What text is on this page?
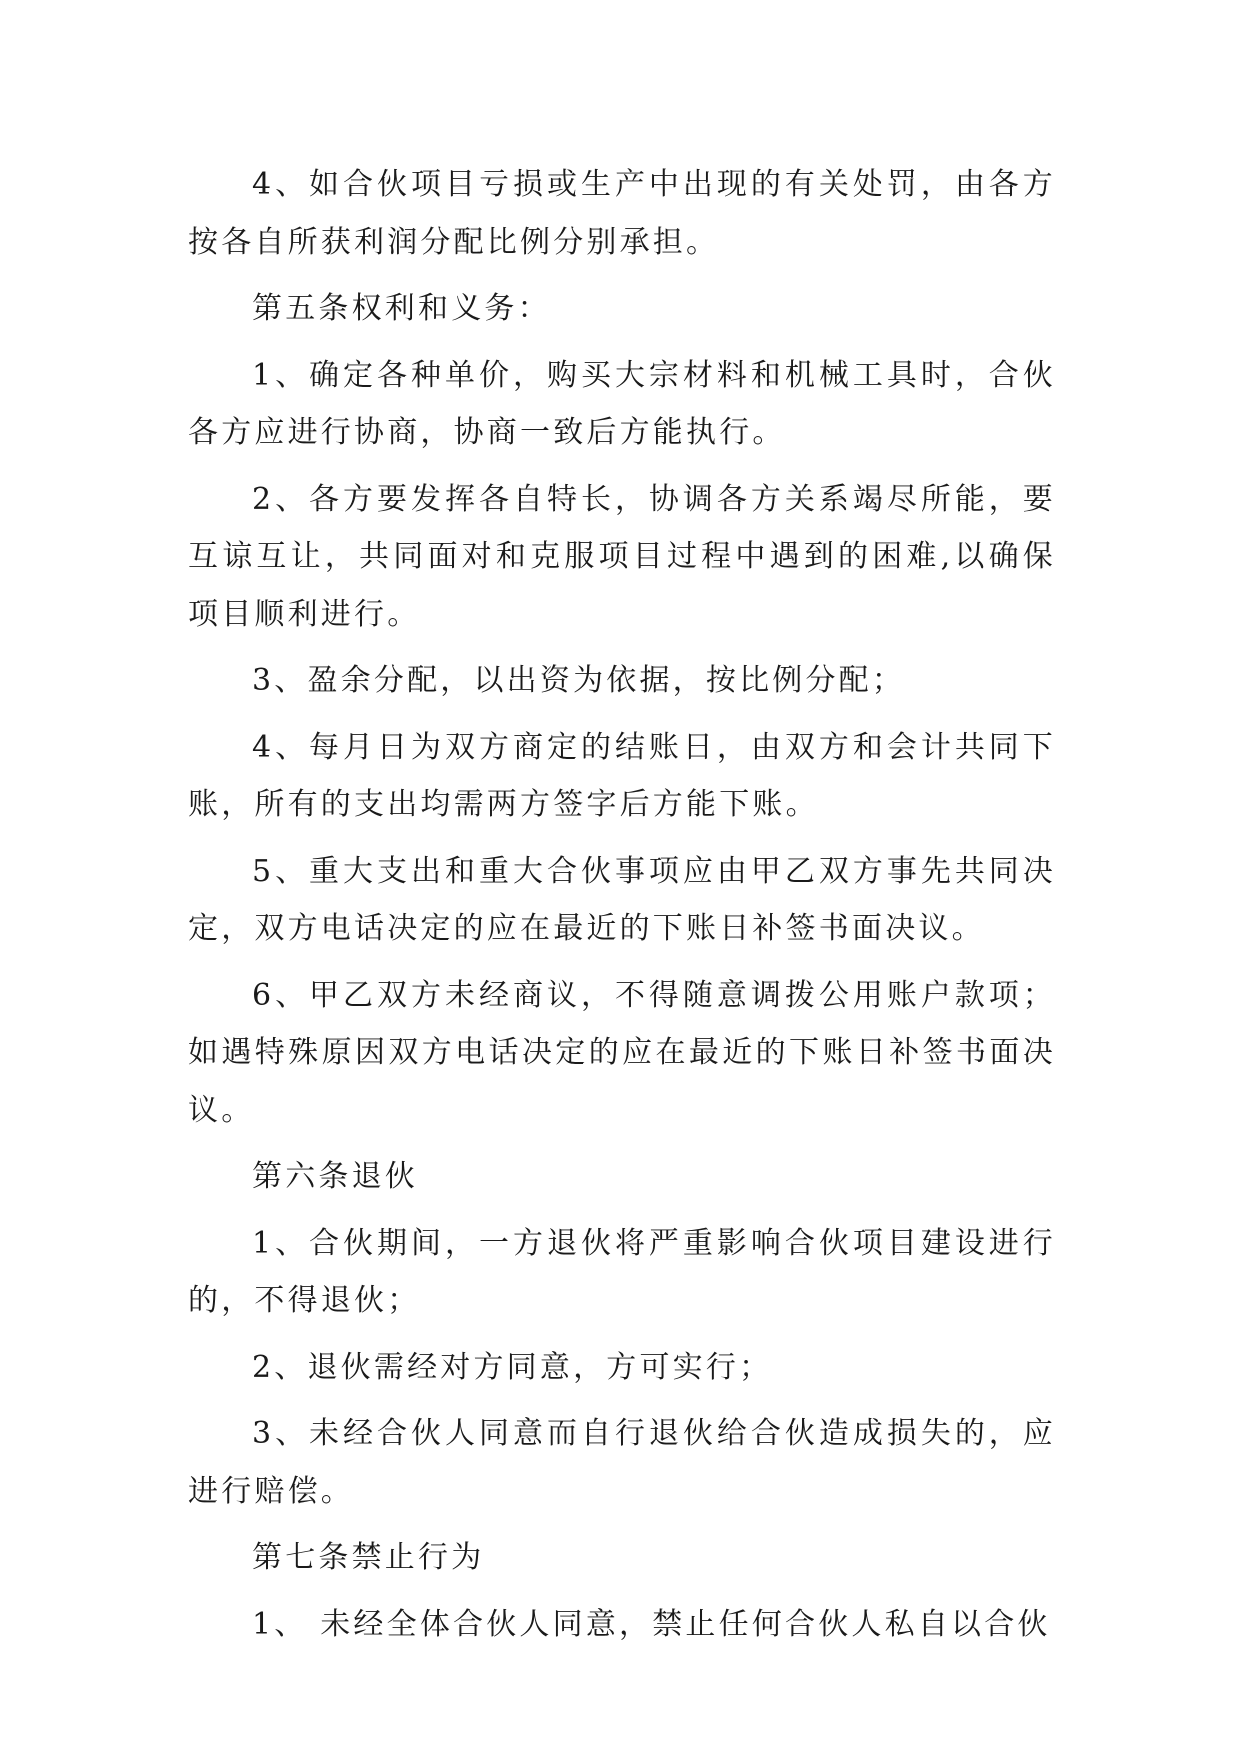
4、如合伙项目亏损或生产中出现的有关处罚，由各方按各自所获利润分配比例分别承担。

第五条权利和义务：

1、确定各种单价，购买大宗材料和机械工具时，合伙各方应进行协商，协商一致后方能执行。

2、各方要发挥各自特长，协调各方关系竭尽所能，要互谅互让，共同面对和克服项目过程中遇到的困难,以确保项目顺利进行。

3、盈余分配，以出资为依据，按比例分配；

4、每月日为双方商定的结账日，由双方和会计共同下账，所有的支出均需两方签字后方能下账。

5、重大支出和重大合伙事项应由甲乙双方事先共同决定，双方电话决定的应在最近的下账日补签书面决议。

6、甲乙双方未经商议，不得随意调拨公用账户款项；如遇特殊原因双方电话决定的应在最近的下账日补签书面决议。

第六条退伙

1、合伙期间，一方退伙将严重影响合伙项目建设进行的，不得退伙；

2、退伙需经对方同意，方可实行；

3、未经合伙人同意而自行退伙给合伙造成损失的，应进行赔偿。

第七条禁止行为

1、 未经全体合伙人同意，禁止任何合伙人私自以合伙
